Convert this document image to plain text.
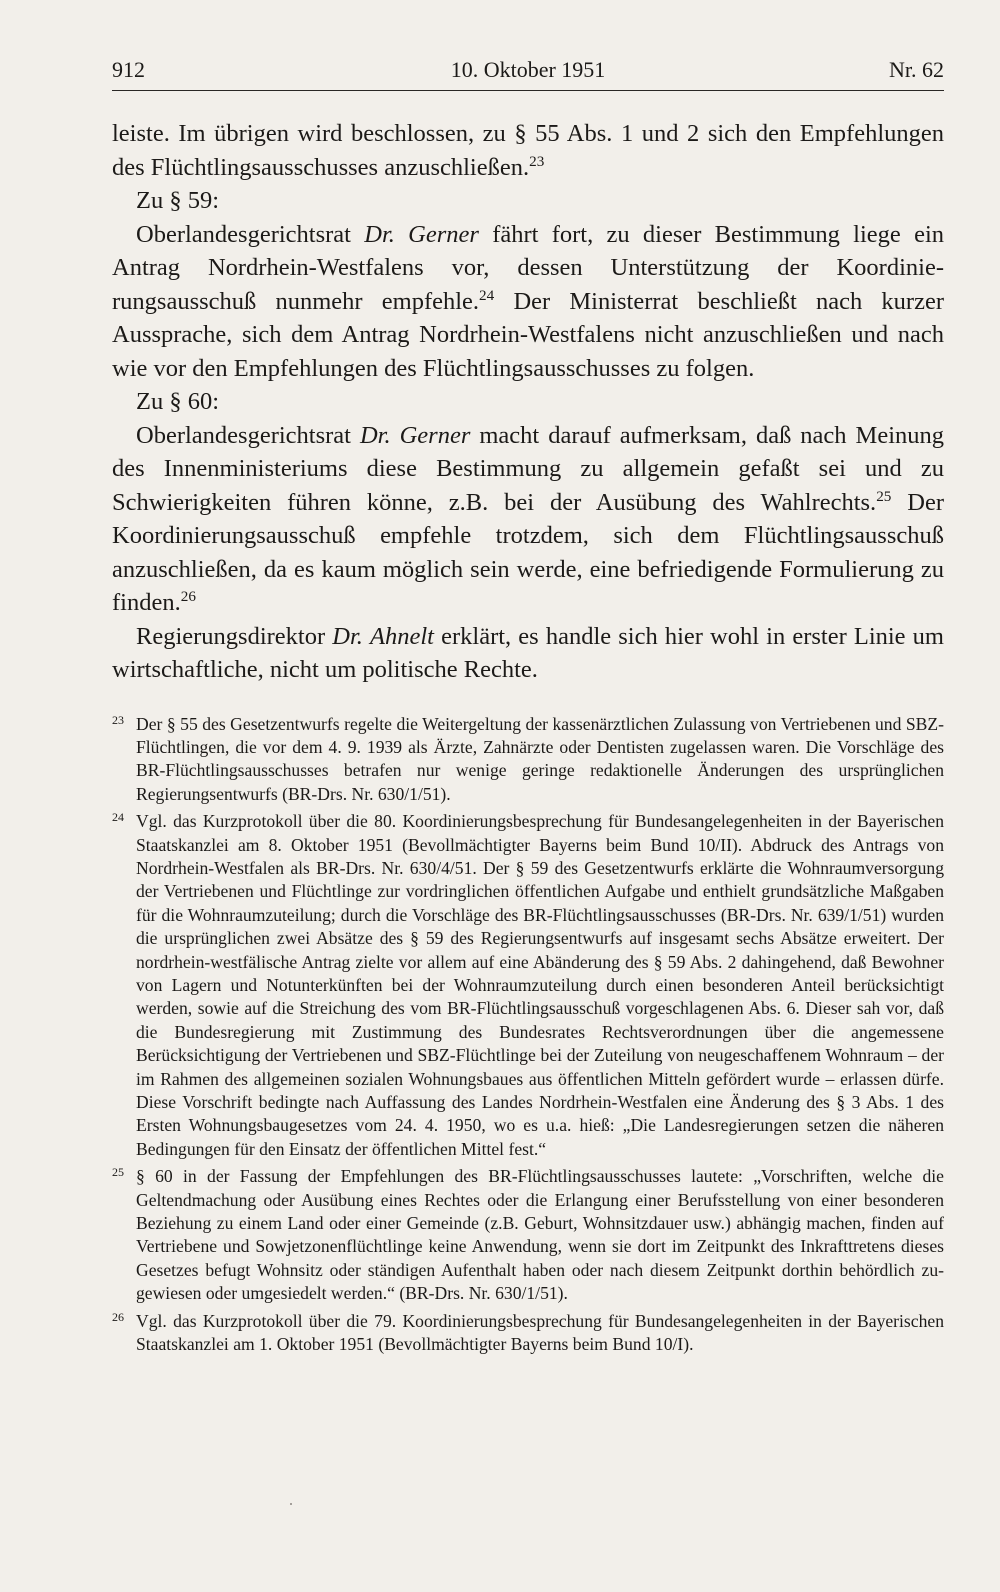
912	10. Oktober 1951	Nr. 62

leiste. Im übrigen wird beschlossen, zu § 55 Abs. 1 und 2 sich den Empfehlungen des Flüchtlingsausschusses anzuschließen.$^{23}$

Zu § 59:

Oberlandesgerichtsrat Dr. Gerner fährt fort, zu dieser Bestimmung liege ein Antrag Nordrhein-Westfalens vor, dessen Unterstützung der Koordinierungsausschuß nunmehr empfehle.$^{24}$ Der Ministerrat beschließt nach kurzer Aussprache, sich dem Antrag Nordrhein-Westfalens nicht anzuschließen und nach wie vor den Empfehlungen des Flüchtlingsausschusses zu folgen.

Zu § 60:

Oberlandesgerichtsrat Dr. Gerner macht darauf aufmerksam, daß nach Meinung des Innenministeriums diese Bestimmung zu allgemein gefaßt sei und zu Schwierigkeiten führen könne, z.B. bei der Ausübung des Wahlrechts.$^{25}$ Der Koordinierungsausschuß empfehle trotzdem, sich dem Flüchtlingsausschuß anzuschließen, da es kaum möglich sein werde, eine befriedigende Formulierung zu finden.$^{26}$

Regierungsdirektor Dr. Ahnelt erklärt, es handle sich hier wohl in erster Linie um wirtschaftliche, nicht um politische Rechte.

23 Der § 55 des Gesetzentwurfs regelte die Weitergeltung der kassenärztlichen Zulassung von Vertriebenen und SBZ-Flüchtlingen, die vor dem 4. 9. 1939 als Ärzte, Zahnärzte oder Dentisten zugelassen waren. Die Vorschläge des BR-Flüchtlingsausschusses betrafen nur wenige geringe redaktionelle Änderungen des ursprünglichen Regierungsentwurfs (BR-Drs. Nr. 630/1/51).
24 Vgl. das Kurzprotokoll über die 80. Koordinierungsbesprechung für Bundesangelegenheiten in der Bayerischen Staatskanzlei am 8. Oktober 1951 (Bevollmächtigter Bayerns beim Bund 10/II). Abdruck des Antrags von Nordrhein-Westfalen als BR-Drs. Nr. 630/4/51. Der § 59 des Gesetzentwurfs erklärte die Wohnraumversorgung der Vertriebenen und Flüchtlinge zur vordringlichen öffentlichen Aufgabe und enthielt grundsätzliche Maßgaben für die Wohnraumzuteilung; durch die Vorschläge des BR-Flüchtlingsausschusses (BR-Drs. Nr. 639/1/51) wurden die ursprünglichen zwei Absätze des § 59 des Regierungsentwurfs auf insgesamt sechs Absätze erweitert. Der nordrhein-westfälische Antrag zielte vor allem auf eine Abänderung des § 59 Abs. 2 dahingehend, daß Bewohner von Lagern und Notunterkünften bei der Wohnraumzuteilung durch einen besonderen Anteil berücksichtigt werden, sowie auf die Streichung des vom BR-Flüchtlingsausschuß vorgeschlagenen Abs. 6. Dieser sah vor, daß die Bundesregierung mit Zustimmung des Bundesrates Rechtsverordnungen über die angemessene Berücksichtigung der Vertriebenen und SBZ-Flüchtlinge bei der Zuteilung von neugeschaffenem Wohnraum – der im Rahmen des allgemeinen sozialen Wohnungsbaues aus öffentlichen Mitteln gefördert wurde – erlassen dürfe. Diese Vorschrift bedingte nach Auffassung des Landes Nordrhein-Westfalen eine Änderung des § 3 Abs. 1 des Ersten Wohnungsbaugesetzes vom 24. 4. 1950, wo es u.a. hieß: „Die Landesregierungen setzen die näheren Bedingungen für den Einsatz der öffentlichen Mittel fest.“
25 § 60 in der Fassung der Empfehlungen des BR-Flüchtlingsausschusses lautete: „Vorschriften, welche die Geltendmachung oder Ausübung eines Rechtes oder die Erlangung einer Berufsstellung von einer besonderen Beziehung zu einem Land oder einer Gemeinde (z.B. Geburt, Wohnsitzdauer usw.) abhängig machen, finden auf Vertriebene und Sowjetzonenflüchtlinge keine Anwendung, wenn sie dort im Zeitpunkt des Inkrafttretens dieses Gesetzes befugt Wohnsitz oder ständigen Aufenthalt haben oder nach diesem Zeitpunkt dorthin behördlich zugewiesen oder umgesiedelt werden.“ (BR-Drs. Nr. 630/1/51).
26 Vgl. das Kurzprotokoll über die 79. Koordinierungsbesprechung für Bundesangelegenheiten in der Bayerischen Staatskanzlei am 1. Oktober 1951 (Bevollmächtigter Bayerns beim Bund 10/I).
